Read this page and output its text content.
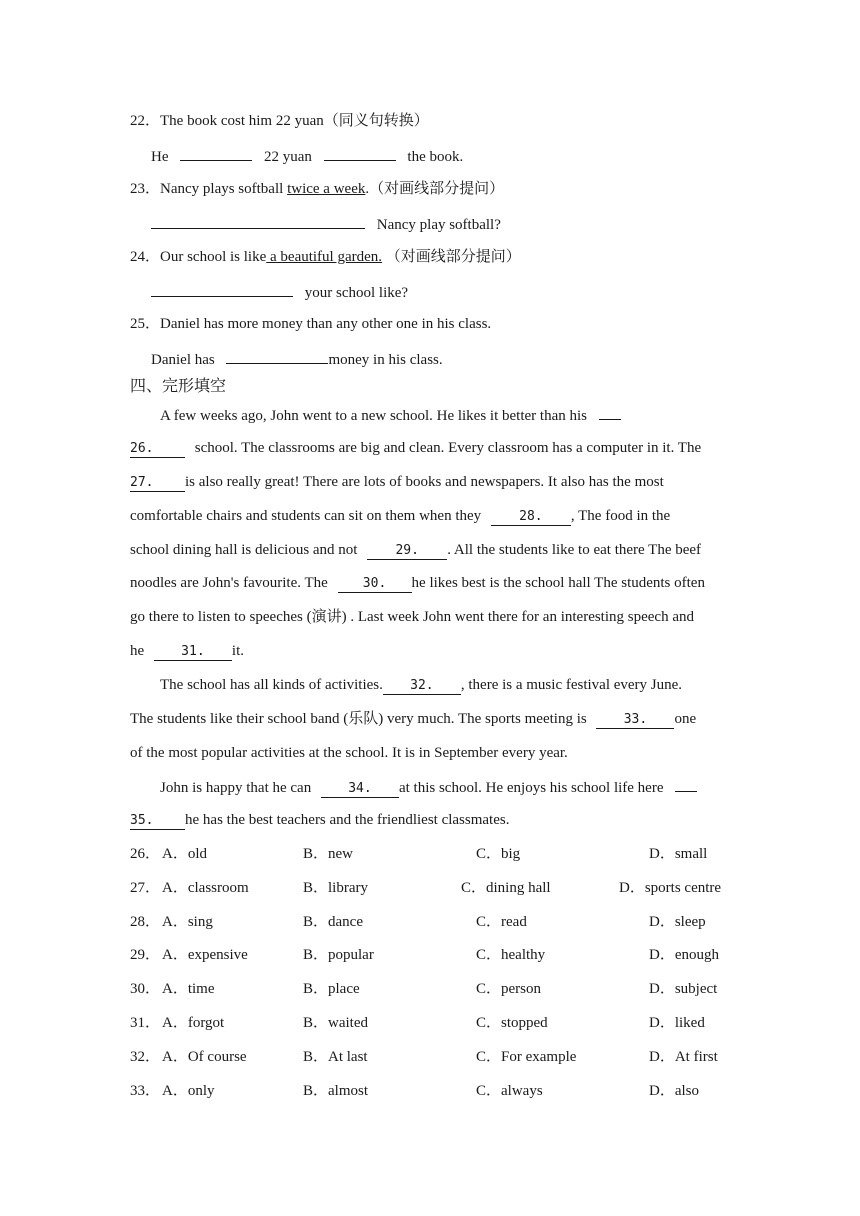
22．The book cost him 22 yuan（同义句转换）
He	22 yuan	the book.
23．Nancy plays softball twice a week.（对画线部分提问）
Nancy play softball?
24．Our school is like a beautiful garden. （对画线部分提问）
your school like?
25．Daniel has more money than any other one in his class.
Daniel has	money in his class.
四、完形填空
A few weeks ago, John went to a new school. He likes it better than his
26.	school. The classrooms are big and clean. Every classroom has a computer in it. The
27. is also really great! There are lots of books and newspapers. It also has the most
comfortable chairs and students can sit on them when they	28. , The food in the
school dining hall is delicious and not	29. . All the students like to eat there The beef
noodles are John's favourite. The	30. he likes best is the school hall The students often
go there to listen to speeches (演讲) . Last week John went there for an interesting speech and
he	31. it.
The school has all kinds of activities. 32. , there is a music festival every June.
The students like their school band (乐队) very much. The sports meeting is	33. one
of the most popular activities at the school. It is in September every year.
John is happy that he can	34. at this school. He enjoys his school life here
35. he has the best teachers and the friendliest classmates.
26． A．old	B．new	C．big	D．small
27． A．classroom	B．library	C．dining hall	D．sports centre
28． A．sing	B．dance	C．read	D．sleep
29． A．expensive	B．popular	C．healthy	D．enough
30． A．time	B．place	C．person	D．subject
31． A．forgot	B．waited	C．stopped	D．liked
32． A．Of course	B．At last	C．For example	D．At first
33． A．only	B．almost	C．always	D．also
